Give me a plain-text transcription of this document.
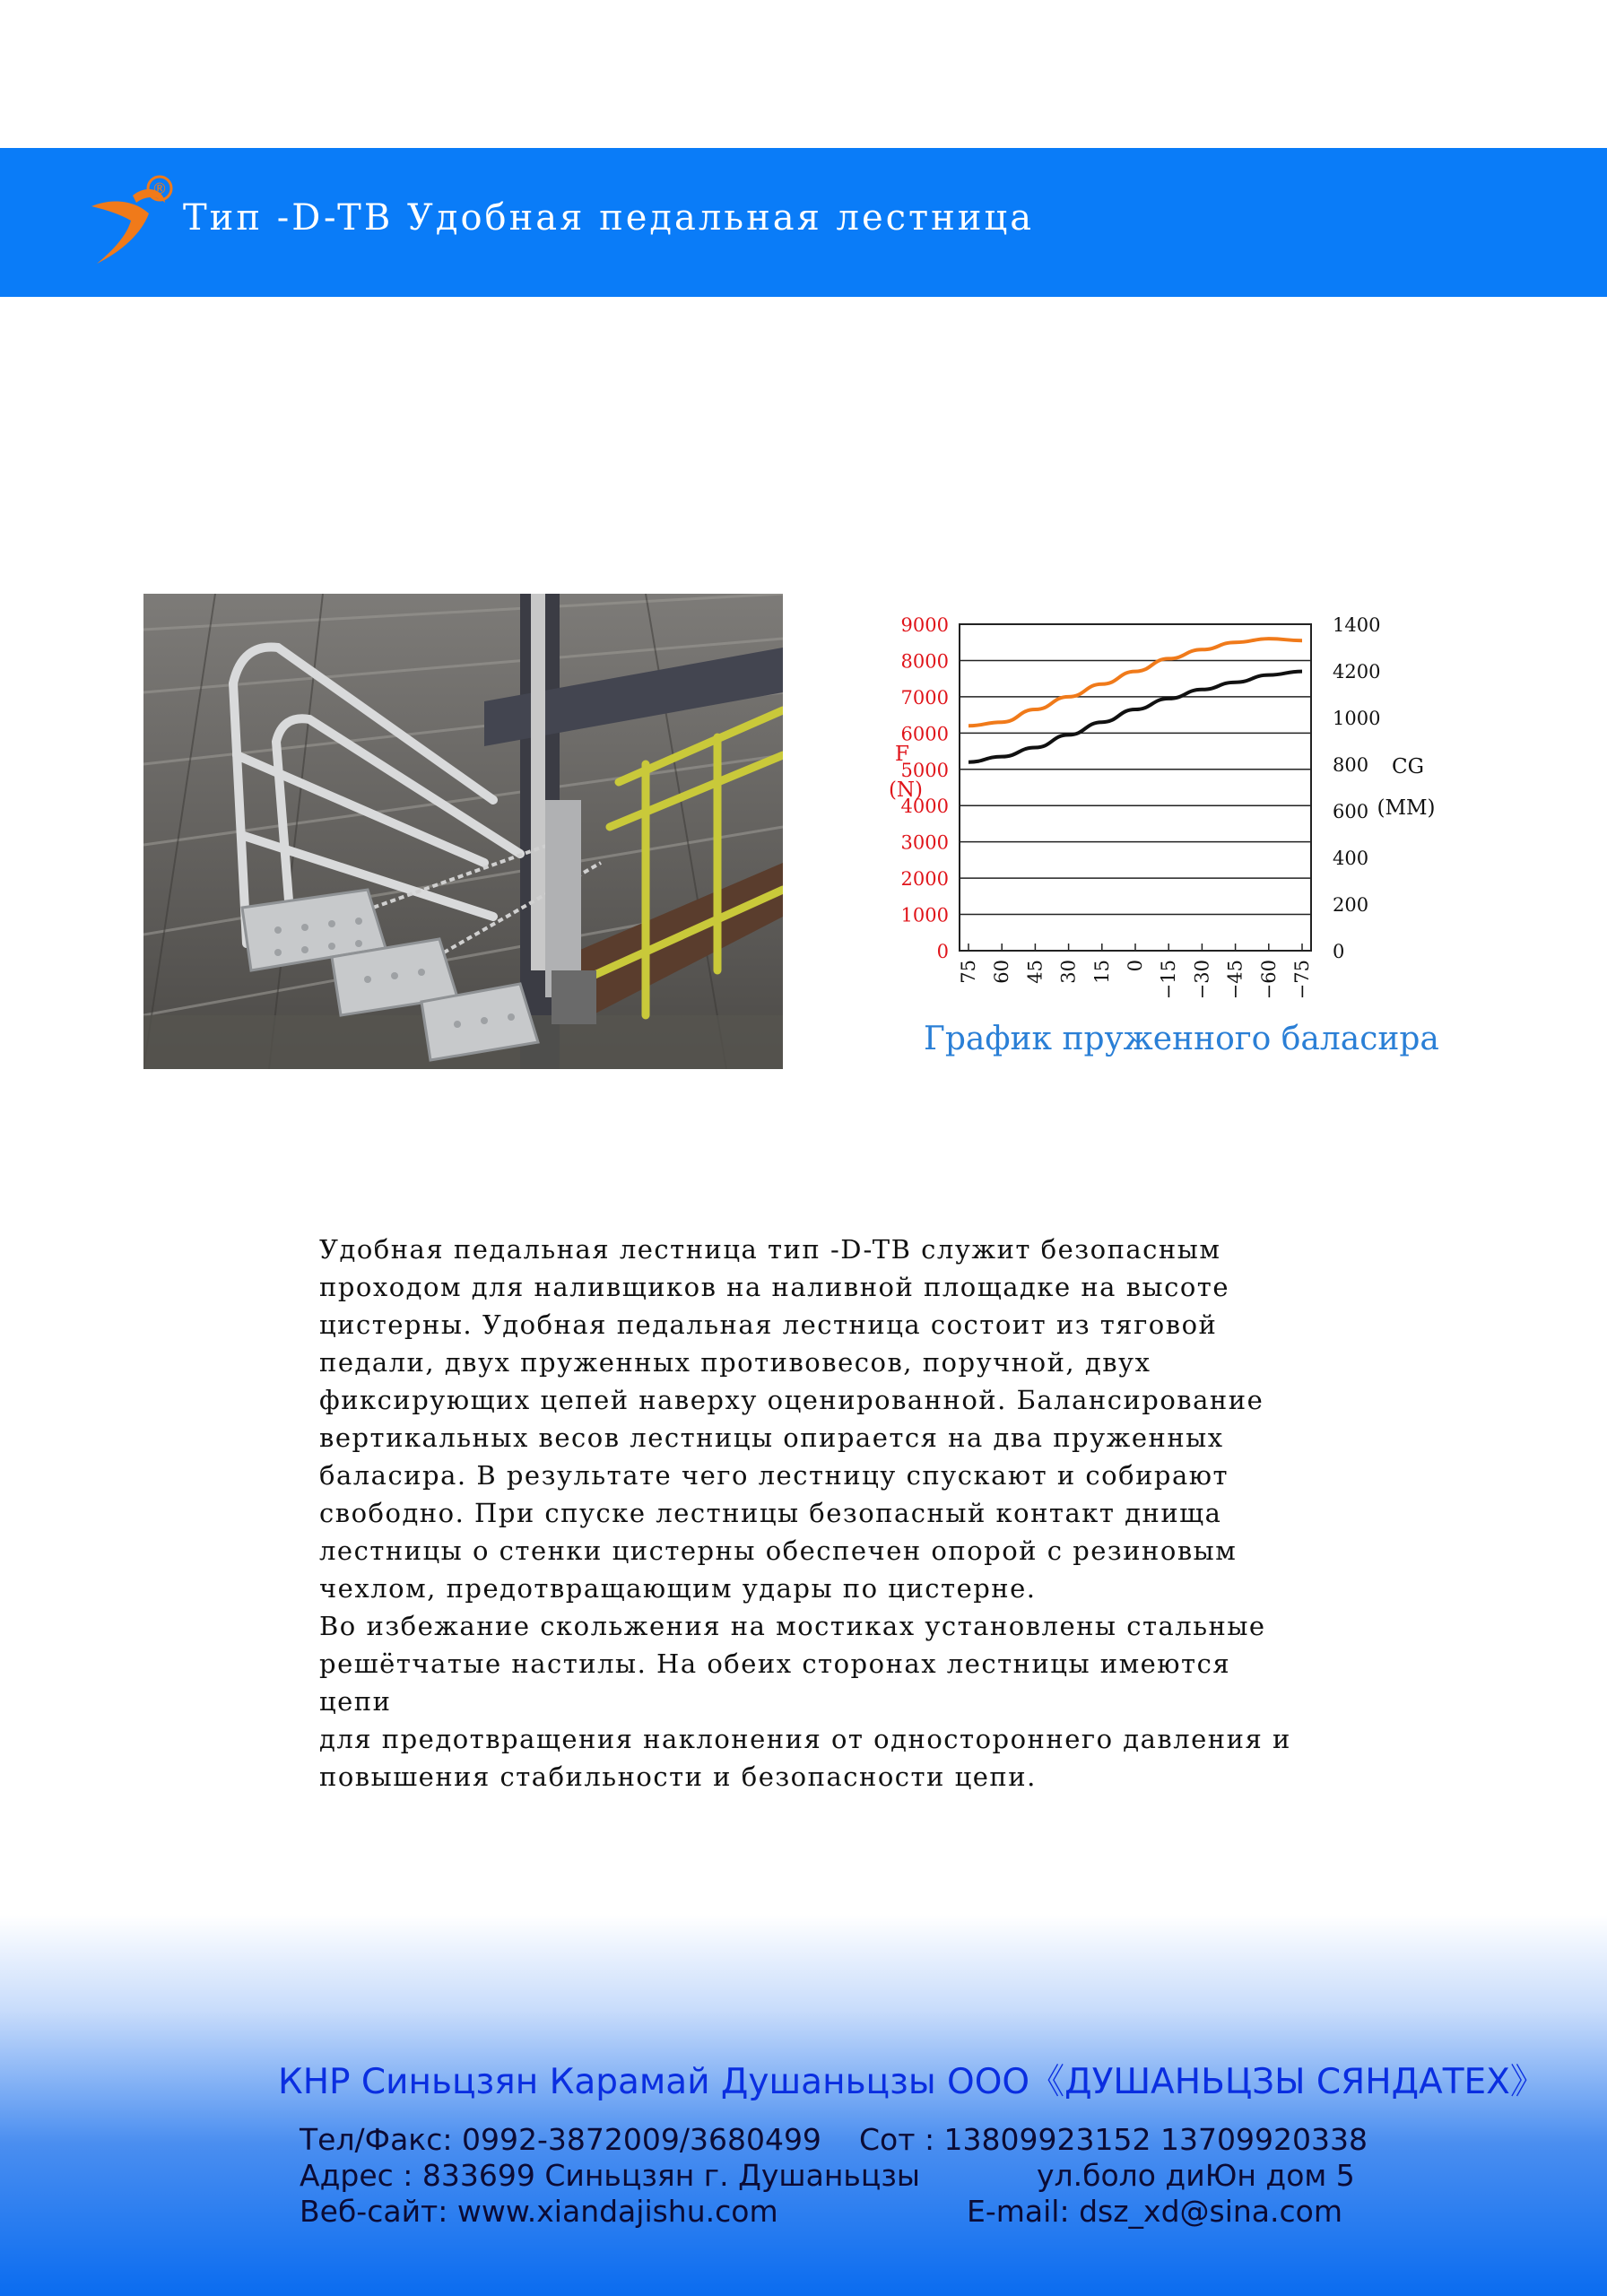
®
Тип -D-TB Удобная педальная лестница
9000
8000
7000
6000
5000
4000
3000
2000
1000
0
1400
4200
1000
800
600
400
200
0
75 60 45 30 15 0 −15 −30 −45 −60 −75
F
(N)
CG
(MM)
График пруженного баласира

Удобная педальная лестница тип -D-TB служит безопасным
проходом для наливщиков на наливной площадке на высоте
цистерны. Удобная педальная лестница состоит из тяговой
педали, двух пруженных противовесов, поручной, двух
фиксирующих цепей наверху оценированной. Балансирование
вертикальных весов лестницы опирается на два пруженных
баласира. В результате чего лестницу спускают и собирают
свободно. При спуске лестницы безопасный контакт днища
лестницы о стенки цистерны обеспечен опорой с резиновым
чехлом, предотвращающим удары по цистерне.

Во избежание скольжения на мостиках установлены стальные
решётчатые настилы. На обеих сторонах лестницы имеются цепи
для предотвращения наклонения от одностороннего давления и
повышения стабильности и безопасности цепи.

КНР Синьцзян Карамай Душаньцзы ООО《ДУШАНЬЦЗЫ СЯНДАТЕХ》
Тел/Факс: 0992-3872009/3680499 Сот : 13809923152 13709920338
Адрес : 833699 Синьцзян г. Душаньцзы	ул.боло диЮн дом 5
Веб-сайт: www.xiandajishu.com	E-mail: dsz_xd@sina.com
